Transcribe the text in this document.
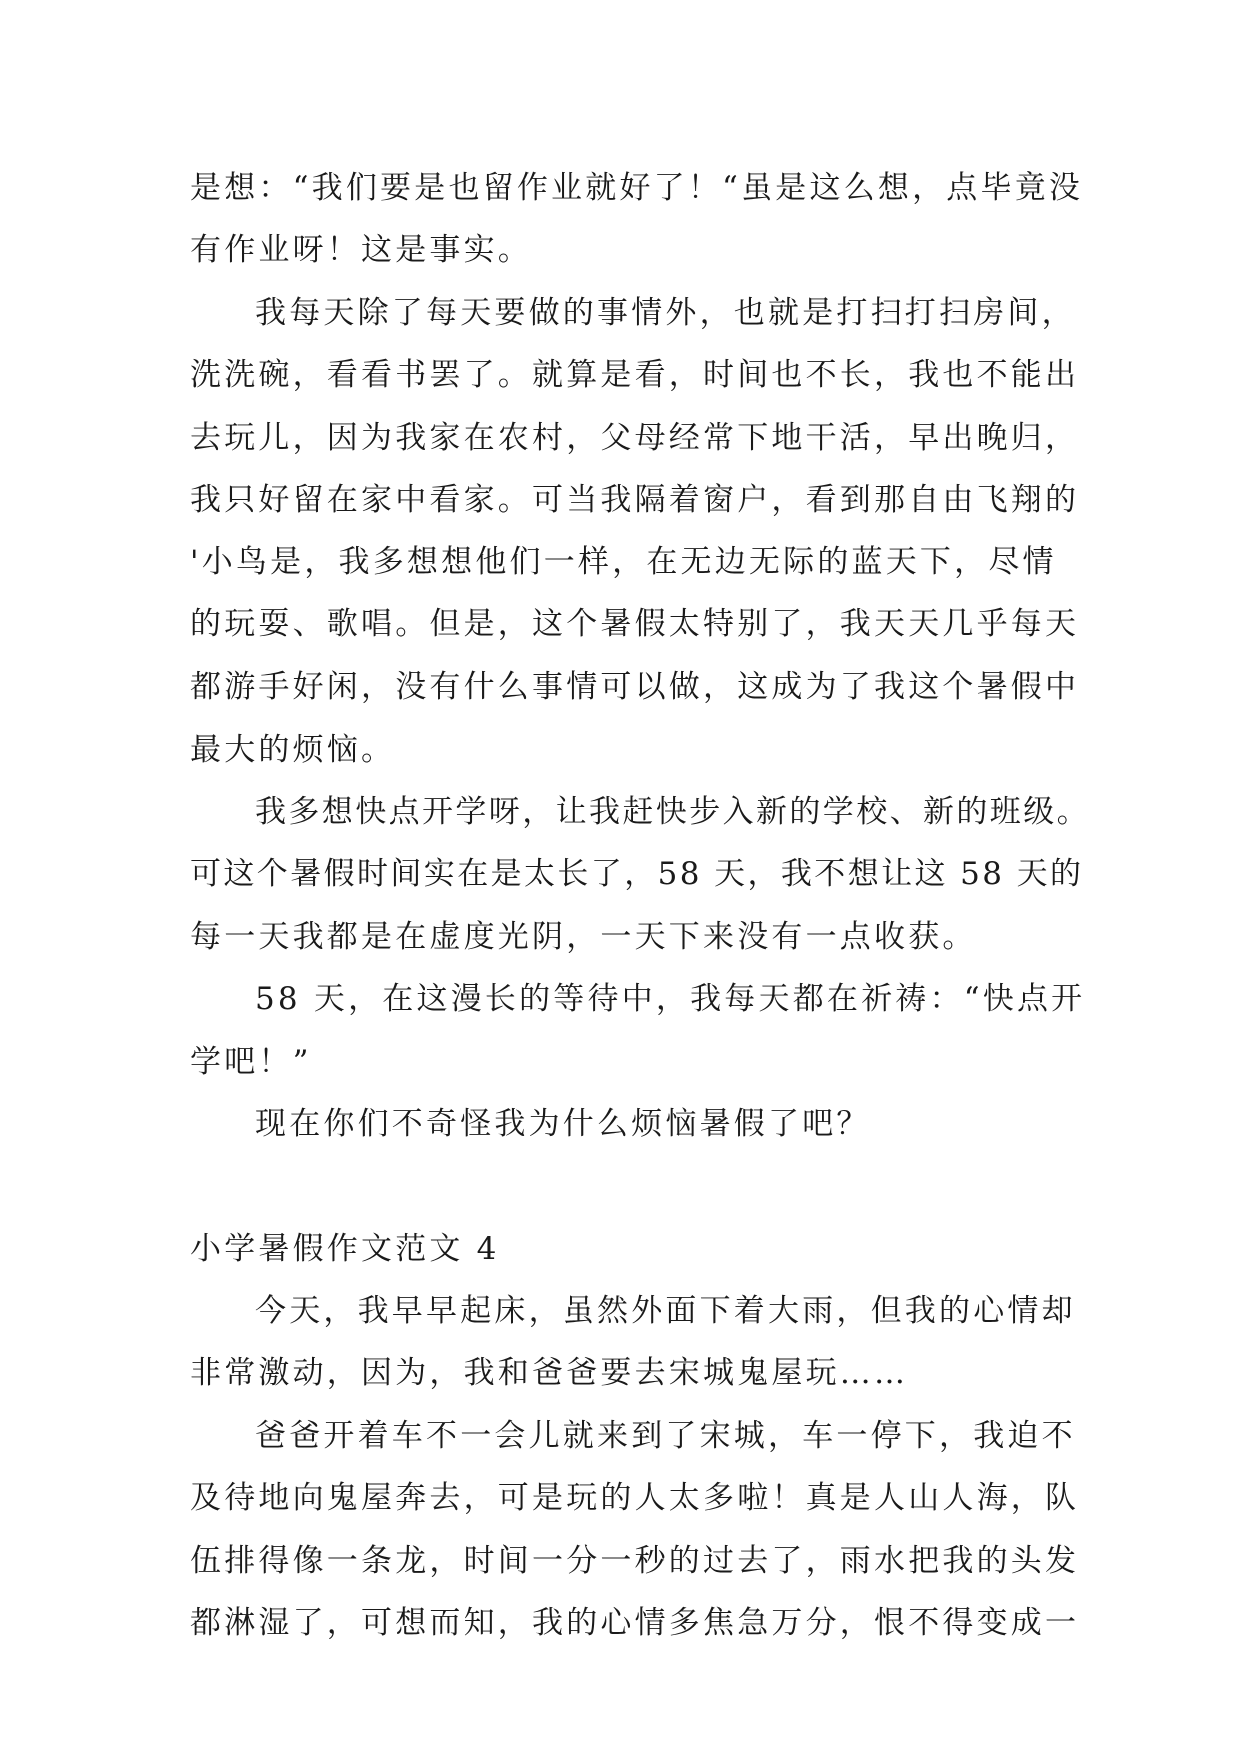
是想：“我们要是也留作业就好了！“虽是这么想，点毕竟没
有作业呀！这是事实。
我每天除了每天要做的事情外，也就是打扫打扫房间，
洗洗碗，看看书罢了。就算是看，时间也不长，我也不能出
去玩儿，因为我家在农村，父母经常下地干活，早出晚归，
我只好留在家中看家。可当我隔着窗户，看到那自由飞翔的
'小鸟是，我多想想他们一样，在无边无际的蓝天下，尽情
的玩耍、歌唱。但是，这个暑假太特别了，我天天几乎每天
都游手好闲，没有什么事情可以做，这成为了我这个暑假中
最大的烦恼。
我多想快点开学呀，让我赶快步入新的学校、新的班级。
可这个暑假时间实在是太长了，58 天，我不想让这 58 天的
每一天我都是在虚度光阴，一天下来没有一点收获。
58 天，在这漫长的等待中，我每天都在祈祷：“快点开
学吧！”
现在你们不奇怪我为什么烦恼暑假了吧？
小学暑假作文范文 4
今天，我早早起床，虽然外面下着大雨，但我的心情却
非常激动，因为，我和爸爸要去宋城鬼屋玩……
爸爸开着车不一会儿就来到了宋城，车一停下，我迫不
及待地向鬼屋奔去，可是玩的人太多啦！真是人山人海，队
伍排得像一条龙，时间一分一秒的过去了，雨水把我的头发
都淋湿了，可想而知，我的心情多焦急万分，恨不得变成一
